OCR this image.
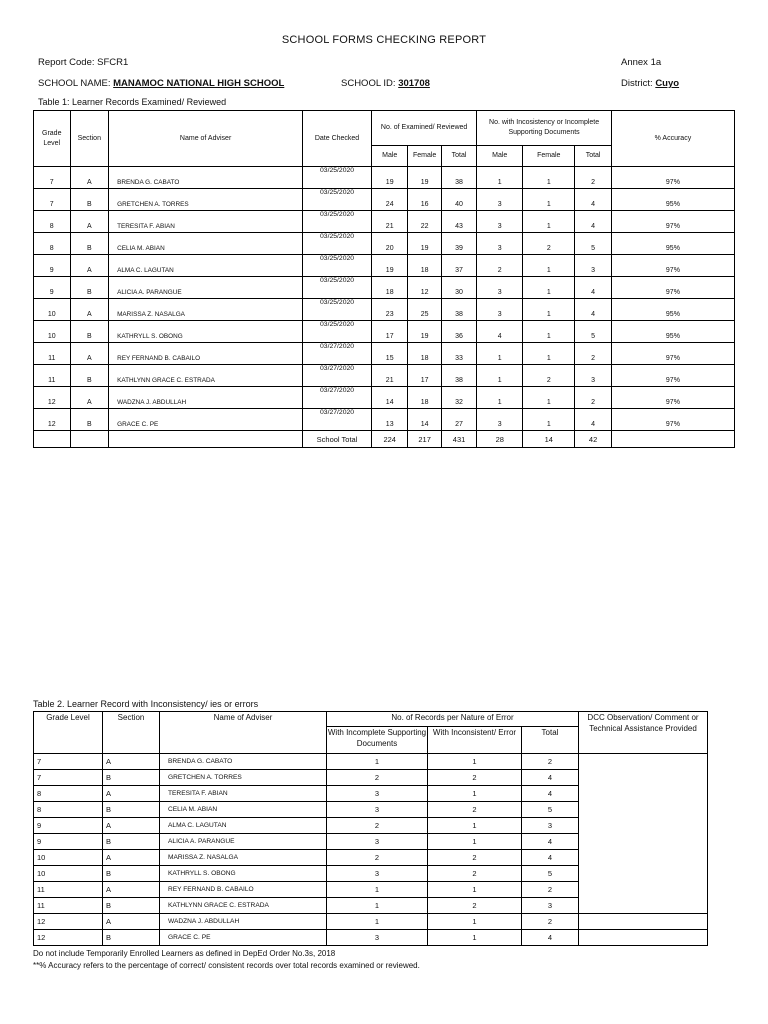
SCHOOL FORMS CHECKING REPORT
Report Code: SFCR1	Annex 1a
SCHOOL NAME: MANAMOC NATIONAL HIGH SCHOOL	SCHOOL ID: 301708	District: Cuyo
Table 1: Learner Records Examined/ Reviewed
Grade Level	Section	Name of Adviser	Date Checked	No. of Examined/ Reviewed			No. with Incosistency or Incomplete Supporting Documents			% Accuracy
				Male	Female	Total	Male	Female	Total	
7	A	BRENDA G. CABATO	03/25/2020	19	19	38	1	1	2	97%
7	B	GRETCHEN A. TORRES	03/25/2020	24	16	40	3	1	4	95%
8	A	TERESITA F. ABIAN	03/25/2020	21	22	43	3	1	4	97%
8	B	CELIA M. ABIAN	03/25/2020	20	19	39	3	2	5	95%
9	A	ALMA C. LAGUTAN	03/25/2020	19	18	37	2	1	3	97%
9	B	ALICIA A. PARANGUE	03/25/2020	18	12	30	3	1	4	97%
10	A	MARISSA Z. NASALGA	03/25/2020	23	25	38	3	1	4	95%
10	B	KATHRYLL S. OBONG	03/25/2020	17	19	36	4	1	5	95%
11	A	REY FERNAND B. CABAILO	03/27/2020	15	18	33	1	1	2	97%
11	B	KATHLYNN GRACE C. ESTRADA	03/27/2020	21	17	38	1	2	3	97%
12	A	WADZNA J. ABDULLAH	03/27/2020	14	18	32	1	1	2	97%
12	B	GRACE C. PE	03/27/2020	13	14	27	3	1	4	97%
			School Total	224	217	431	28	14	42	
Table 2. Learner Record with Inconsistency/ ies or errors
Grade Level	Section	Name of Adviser	No. of Records per Nature of Error			DCC Observation/ Comment or Technical Assistance Provided
			With Incomplete Supporting Documents	With Inconsistent/ Error	Total	
7	A	BRENDA G. CABATO	1	1	2	
7	B	GRETCHEN A. TORRES	2	2	4	
8	A	TERESITA F. ABIAN	3	1	4	
8	B	CELIA M. ABIAN	3	2	5	
9	A	ALMA C. LAGUTAN	2	1	3	
9	B	ALICIA A. PARANGUE	3	1	4	
10	A	MARISSA Z. NASALGA	2	2	4	
10	B	KATHRYLL S. OBONG	3	2	5	
11	A	REY FERNAND B. CABAILO	1	1	2	
11	B	KATHLYNN GRACE C. ESTRADA	1	2	3	
12	A	WADZNA J. ABDULLAH	1	1	2	
12	B	GRACE C. PE	3	1	4	
Do not include Temporarily Enrolled Learners as defined in DepEd Order No.3s, 2018
**% Accuracy refers to the percentage of correct/ consistent records over total records examined or reviewed.
